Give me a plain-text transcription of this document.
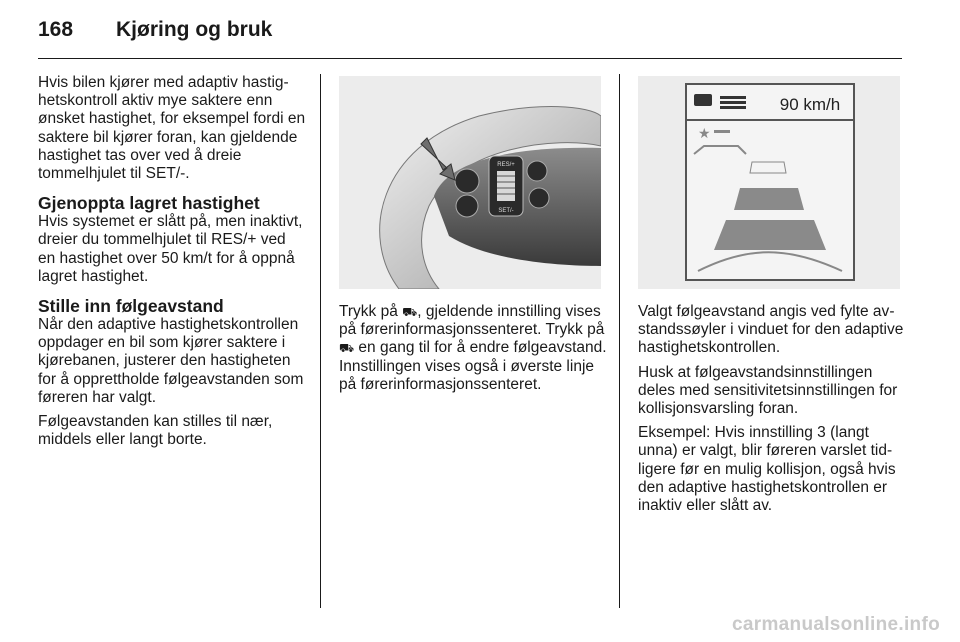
168 Kjøring og bruk

Hvis bilen kjører med adaptiv hastighetskontroll aktiv mye saktere enn ønsket hastighet, for eksempel fordi en saktere bil kjører foran, kan gjeldende hastighet tas over ved å dreie tommelhjulet til SET/-.

Gjenoppta lagret hastighet

Hvis systemet er slått på, men inaktivt, dreier du tommelhjulet til RES/+ ved en hastighet over 50 km/t for å oppnå lagret hastighet.

Stille inn følgeavstand

Når den adaptive hastighetskontrollen oppdager en bil som kjører saktere i kjørebanen, justerer den hastigheten for å opprettholde følgeavstanden som føreren har valgt.

Følgeavstanden kan stilles til nær, middels eller langt borte.

RES/+
SET/-

Trykk på ⛟, gjeldende innstilling vises på førerinformasjonssenteret. Trykk på ⛟ en gang til for å endre følgeavstand. Innstillingen vises også i øverste linje på førerinformasjonssenteret.

90 km/h
★

Valgt følgeavstand angis ved fylte avstandssøyler i vinduet for den adaptive hastighetskontrollen.

Husk at følgeavstandsinnstillingen deles med sensitivitetsinnstillingen for kollisjonsvarsling foran.

Eksempel: Hvis innstilling 3 (langt unna) er valgt, blir føreren varslet tidligere før en mulig kollisjon, også hvis den adaptive hastighetskontrollen er inaktiv eller slått av.

carmanualsonline.info
